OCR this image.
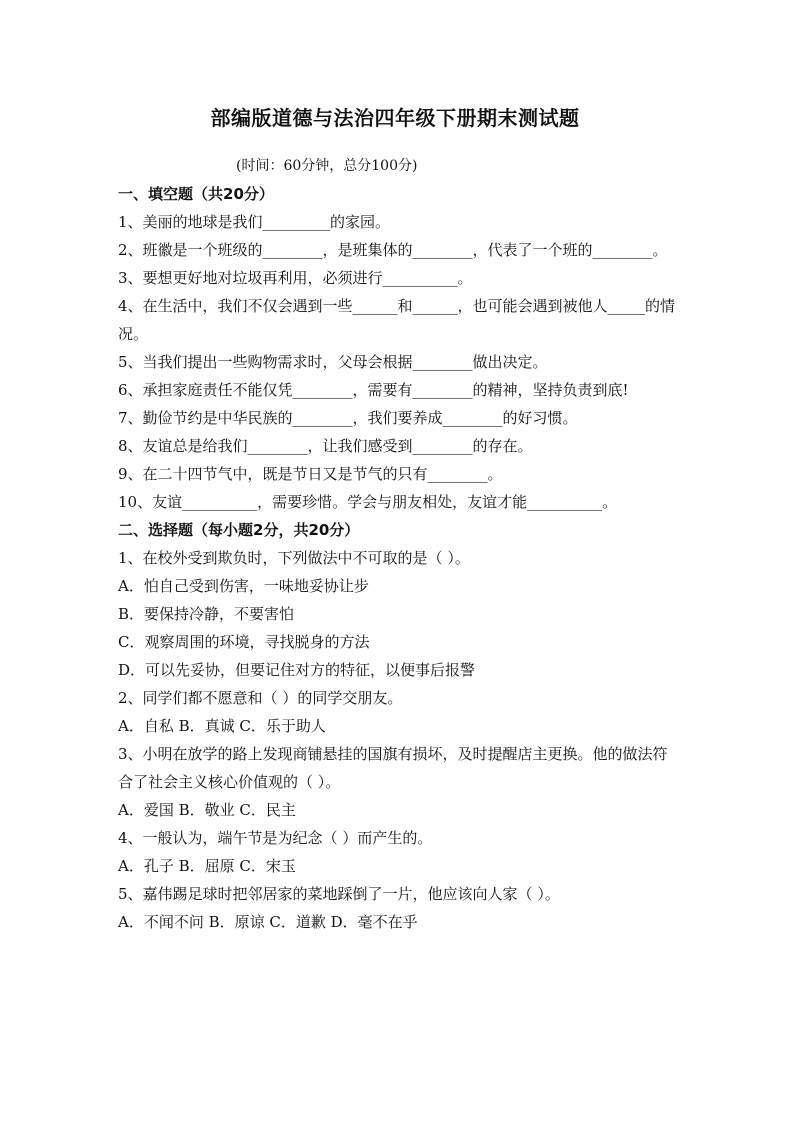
部编版道德与法治四年级下册期末测试题
(时间：60分钟，总分100分)
一、填空题（共20分）
1、美丽的地球是我们_________的家园。
2、班徽是一个班级的________，是班集体的________，代表了一个班的________。
3、要想更好地对垃圾再利用，必须进行__________。
4、在生活中，我们不仅会遇到一些______和______，也可能会遇到被他人_____的情况。
5、当我们提出一些购物需求时，父母会根据________做出决定。
6、承担家庭责任不能仅凭________，需要有________的精神，坚持负责到底!
7、勤俭节约是中华民族的________，我们要养成________的好习惯。
8、友谊总是给我们________，让我们感受到________的存在。
9、在二十四节气中，既是节日又是节气的只有________。
10、友谊__________，需要珍惜。学会与朋友相处，友谊才能__________。
二、选择题（每小题2分，共20分）
1、在校外受到欺负时，下列做法中不可取的是（ ）。
A．怕自己受到伤害，一味地妥协让步
B．要保持冷静，不要害怕
C．观察周围的环境，寻找脱身的方法
D．可以先妥协，但要记住对方的特征，以便事后报警
2、同学们都不愿意和（ ）的同学交朋友。
A．自私 B．真诚 C．乐于助人
3、小明在放学的路上发现商铺悬挂的国旗有损坏，及时提醒店主更换。他的做法符合了社会主义核心价值观的（ ）。
A．爱国 B．敬业 C．民主
4、一般认为，端午节是为纪念（ ）而产生的。
A．孔子 B．屈原 C．宋玉
5、嘉伟踢足球时把邻居家的菜地踩倒了一片，他应该向人家（ ）。
A．不闻不问 B．原谅 C．道歉 D．毫不在乎
